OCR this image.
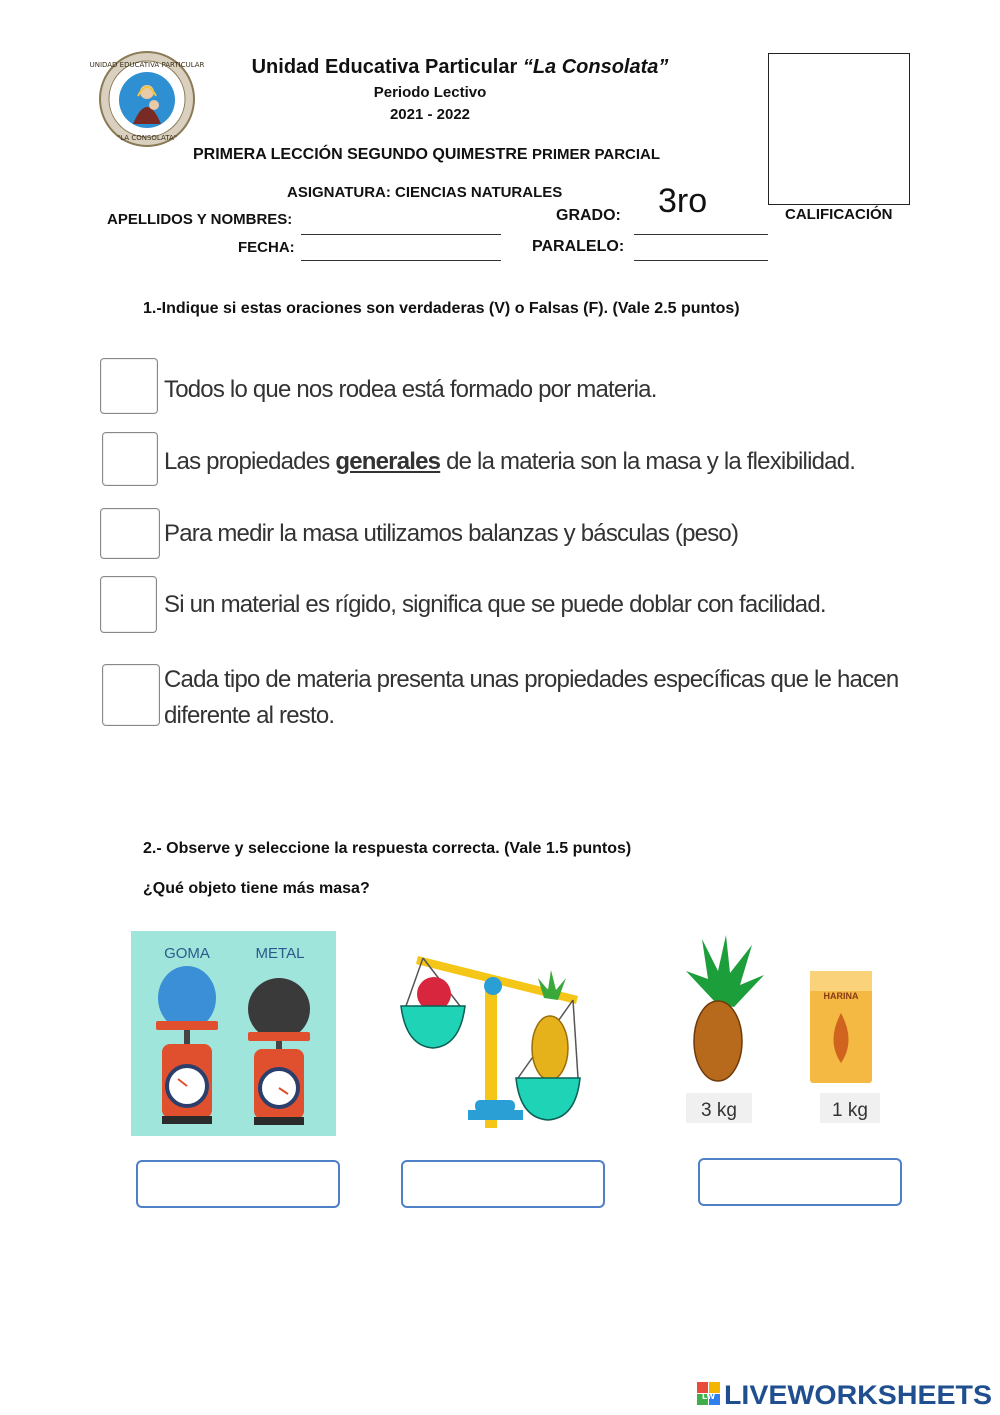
UNIDAD EDUCATIVA PARTICULAR
"LA CONSOLATA"
Unidad Educativa Particular “La Consolata”
Periodo Lectivo
2021 - 2022
PRIMERA LECCIÓN SEGUNDO QUIMESTRE PRIMER PARCIAL
ASIGNATURA: CIENCIAS NATURALES
APELLIDOS Y NOMBRES:	GRADO: 3ro	CALIFICACIÓN
FECHA:	PARALELO:
1.-Indique si estas oraciones son verdaderas (V) o Falsas (F). (Vale 2.5 puntos)
Todos lo que nos rodea está formado por materia.
Las propiedades generales de la materia son la masa y la flexibilidad.
Para medir la masa utilizamos balanzas y básculas (peso)
Si un material es rígido, significa que se puede doblar con facilidad.
Cada tipo de materia presenta unas propiedades específicas que le hacen diferente al resto.
2.- Observe y seleccione la respuesta correcta. (Vale 1.5 puntos)
¿Qué objeto tiene más masa?
GOMA	METAL
HARINA
3 kg	1 kg
LW LIVEWORKSHEETS
